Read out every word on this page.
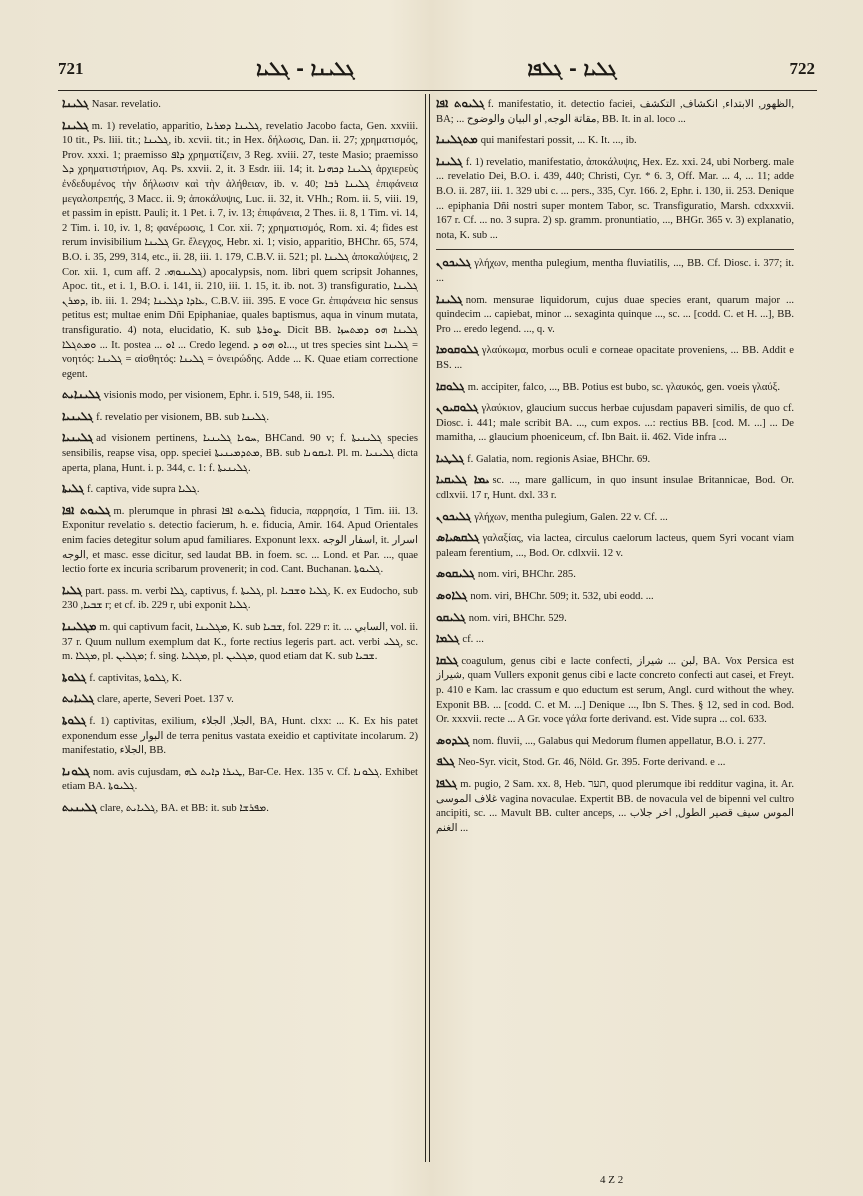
721	ܓܠܝܢܐ - ܓܠܝܐ	ܓܠܝܐ - ܓܠܦܐ	722

ܓܠܝܢܐ Nasar. revelatio.

ܓܠܝܢܐ m. 1) revelatio, apparitio, ܓܠܝܢܐ ܕܡܪܝܐ, revelatio Jacobo facta, Gen. xxviii. 10 tit., Ps. liii. tit.; ܓܠܝܢܐ, ib. xcvii. tit.; in Hex. δήλωσις, Dan. ii. 27; χρηματισμός, Prov. xxxi. 1; praemisso ܕܐܦ χρηματίζειν, 3 Reg. xviii. 27, teste Masio; praemisso ܕܠ χρηματιστήριον, Aq. Ps. xxvii. 2, it. 3 Esdr. iii. 14; it. ܓܠܝܢܐ ܕܟܗܢܐ ἀρχιερεὺς ἐνδεδυμένος τὴν δήλωσιν καὶ τὴν ἀλήθειαν, ib. v. 40; ܓܠܝܢܐ ܪܒܐ ἐπιφάνεια μεγαλοπρεπής, 3 Macc. ii. 9; ἀποκάλυψις, Luc. ii. 32, it. VHh.; Rom. ii. 5, viii. 19, et passim in epistt. Pauli; it. 1 Pet. i. 7, iv. 13; ἐπιφάνεια, 2 Thes. ii. 8, 1 Tim. vi. 14, 2 Tim. i. 10, iv. 1, 8; φανέρωσις, 1 Cor. xii. 7; χρηματισμός, Rom. xi. 4; fides est rerum invisibilium ܓܠܝܢܐ Gr. ἔλεγχος, Hebr. xi. 1; visio, apparitio, BHChr. 65, 574, B.O. i. 35, 299, 314, etc., ii. 28, iii. 1. 179, C.B.V. ii. 521; pl. ܓܠܝܢܐ ἀποκαλύψεις, 2 Cor. xii. 1, cum aff. ܓܠܝܢܘܗܝ. 2) apocalypsis, nom. libri quem scripsit Johannes, Apoc. tit., et i. 1, B.O. i. 141, ii. 210, iii. 1. 15, it. ib. not. 3) transfiguratio, ܓܠܝܢܐ ܕܡܪܢ, ib. iii. 1. 294; ܥܐܕܐ ܕܓܠܝܢܐ, C.B.V. iii. 395. E voce Gr. ἐπιφάνεια hic sensus petitus est; multae enim Dñi Epiphaniae, quales baptismus, aqua in vinum mutata, transfiguratio. 4) nota, elucidatio, K. sub ܨܘܪܬܐ. Dicit BB. ܓܠܝܢܐ ܗܘ ܕܡܬܚܙܐ ܘܡܬܓܠܐ ... It. postea ... ܐܘ ... Credo legend. ܐܘ ܗܘ ܕ..., ut tres species sint ܓܠܝܢܐ = νοητός: ܓܠܝܢܐ = αἰσθητός: ܓܠܝܢܐ = ὀνειρώδης. Adde ... K. Quae etiam correctione egent.

ܓܠܝܢܐܝܬ visionis modo, per visionem, Ephr. i. 519, 548, ii. 195.

ܓܠܝܢܝܐ f. revelatio per visionem, BB. sub ܓܠܝܢܐ.

ܓܠܝܢܝܐ ad visionem pertinens, ܚܘܝܐ ܓܠܝܢܝܐ, BHCand. 90 v; f. ܓܠܝܢܝܬܐ species sensibilis, reapse visa, opp. speciei ܡܬܕܡܝܢܝܬܐ, BB. sub ܐܝܩܘܢܐ. Pl. m. ܓܠܝܢܝܐ dicta aperta, plana, Hunt. i. p. 344, c. 1: f. ܓܠܝܢܝܬܐ.

ܓܠܝܬܐ f. captiva, vide supra ܓܠܝܐ.

ܓܠܝܘܬ ܐܦܐ m. plerumque in phrasi ܓܠܝܘܬ ܐܦܐ fiducia, παρρησία, 1 Tim. iii. 13. Exponitur revelatio s. detectio facierum, h. e. fiducia, Amir. 164. Apud Orientales enim facies detegitur solum apud familiares. Exponunt lexx. اسفار الوجه, it. اسرار الوجه, et masc. esse dicitur, sed laudat BB. in foem. sc. ... Lond. et Par. ..., quae lectio forte ex incuria scribarum provenerit; in cod. Cant. Buchanan. ܓܠܝܘܬܐ.

ܓܠܝܐ part. pass. m. verbi ܓܠܐ, captivus, f. ܓܠܝܬܐ, pl. ܓܠܝܐ ܘܫܒܝܐ, K. ex Eudocho, sub ܫܒܝܐ, 230 r; et cf. ib. 229 r, ubi exponit ܓܠܝܐ.

ܡܓܠܝܢܐ m. qui captivum facit, ܡܓܠܝܢܐ, K. sub ܫܒܝܐ, fol. 229 r: it. ... السابي, vol. ii. 37 r. Quum nullum exemplum dat K., forte rectius legeris part. act. verbi ܓܠܝ, sc. m. ܡܓܠܐ, pl. ܡܓܠܝܢ; f. sing. ܡܓܠܝܐ, pl. ܡܓܠܝܢ, quod etiam dat K. sub ܫܒܝܐ.

ܓܠܘܬܐ f. captivitas, ܓܠܘܬܐ, K.

ܓܠܝܐܝܬ clare, aperte, Severi Poet. 137 v.

ܓܠܘܬܐ f. 1) captivitas, exilium, الجلا, الجلاء, BA, Hunt. clxx: ... K. Ex his patet exponendum esse البوار de terra penitus vastata exeidio et captivitate incolarum. 2) manifestatio, الجلاء, BB.

ܓܠܘܢܐ nom. avis cujusdam, ܛܝܪܐ ܕܐܝܬ ܠܗ, Bar-Ce. Hex. 135 v. Cf. ܓܠܘܢܐ. Exhibet etiam BA. ܓܠܝܘܬܐ.

ܓܠܝܢܝܬ clare, ܓܠܝܐܝܬ, BA. et BB: it. sub ܡܦܪܫܐ.

ܓܠܝܘܬ ܐܦܐ f. manifestatio, it. detectio faciei, الظهور, الابتداء, انكشاف, التكشف, BA; ... مقاتة الوجه, او البيان والوضوح, BB. It. in al. loco ...

ܡܬܓܠܝܢܐ qui manifestari possit, ... K. It. ..., ib.

ܓܠܝܢܐ f. 1) revelatio, manifestatio, ἀποκάλυψις, Hex. Ez. xxi. 24, ubi Norberg. male ... revelatio Dei, B.O. i. 439, 440; Christi, Cyr. * 6. 3, Off. Mar. ... 4, ... 11; adde B.O. ii. 287, iii. 1. 329 ubi c. ... pers., 335, Cyr. 166. 2, Ephr. i. 130, ii. 253. Denique ... epiphania Dñi nostri super montem Tabor, sc. Transfiguratio, Marsh. cdxxxvii. 167 r. Cf. ... no. 3 supra. 2) sp. gramm. pronuntiatio, ..., BHGr. 365 v. 3) explanatio, nota, K. sub ...

ܓܠܝܟܘܢ γλήχων, mentha pulegium, mentha fluviatilis, ..., BB. Cf. Diosc. i. 377; it. ...

ܓܠܝܢܐ nom. mensurae liquidorum, cujus duae species erant, quarum major ... quindecim ... capiebat, minor ... sexaginta quinque ..., sc. ... [codd. C. et H. ...], BB. Pro ... eredo legend. ..., q. v.

ܓܠܘܩܘܡܐ γλαύκωμα, morbus oculi e corneae opacitate proveniens, ... BB. Addit e BS. ...

ܓܠܘܩܐ m. accipiter, falco, ..., BB. Potius est bubo, sc. γλαυκός, gen. voeis γλαύξ.

ܓܠܘܩܝܘܢ γλαύκιον, glaucium succus herbae cujusdam papaveri similis, de quo cf. Diosc. i. 441; male scribit BA. ..., cum expos. ...: rectius BB. [cod. M. ...] ... De mamitha, ... glaucium phoeniceum, cf. Ibn Bait. ii. 462. Vide infra ...

ܓܠܛܝܐ f. Galatia, nom. regionis Asiae, BHChr. 69.

ܝܡܐ ܓܠܝܩܝܐ sc. ..., mare gallicum, in quo insunt insulae Britannicae, Bod. Or. cdlxvii. 17 r, Hunt. dxl. 33 r.

ܓܠܝܟܘܢ γλήχων, mentha pulegium, Galen. 22 v. Cf. ...

ܓܠܩܣܝܐܣ γαλαξίας, via lactea, circulus caelorum lacteus, quem Syri vocant viam paleam ferentium, ..., Bod. Or. cdlxvii. 12 v.

ܓܠܝܩܘܣ nom. viri, BHChr. 285.

ܓܠܐܘܣ nom. viri, BHChr. 509; it. 532, ubi eodd. ...

ܓܠܝܩܘ nom. viri, BHChr. 529.

ܓܠܡܐ cf. ...

ܓܠܩܐ coagulum, genus cibi e lacte confecti, لبن ... شيراز, BA. Vox Persica est شيراز, quam Vullers exponit genus cibi e lacte concreto confecti aut casei, et Freyt. p. 410 e Kam. lac crassum e quo eductum est serum, Angl. curd without the whey. Exponit BB. ... [codd. C. et M. ...] Denique ..., Ibn S. Thes. § 12, sed in cod. Bod. Or. xxxvii. recte ... A Gr. voce γάλα forte derivand. est. Vide supra ... col. 633.

ܓܠܕܘܣ nom. fluvii, ..., Galabus qui Medorum flumen appellatur, B.O. i. 277.

ܓܠܦ Neo-Syr. vicit, Stod. Gr. 46, Nöld. Gr. 395. Forte derivand. e ...

ܓܠܦܐ m. pugio, 2 Sam. xx. 8, Heb. תער, quod plerumque ibi redditur vagina, it. Ar. غلاف الموسى vagina novaculae. Expertit BB. de novacula vel de bipenni vel cultro ancipiti, sc. ... Mavult BB. culter anceps, ... الموس سيف قصير الطول, اخر جلاب الغنم ...

4 Z 2
